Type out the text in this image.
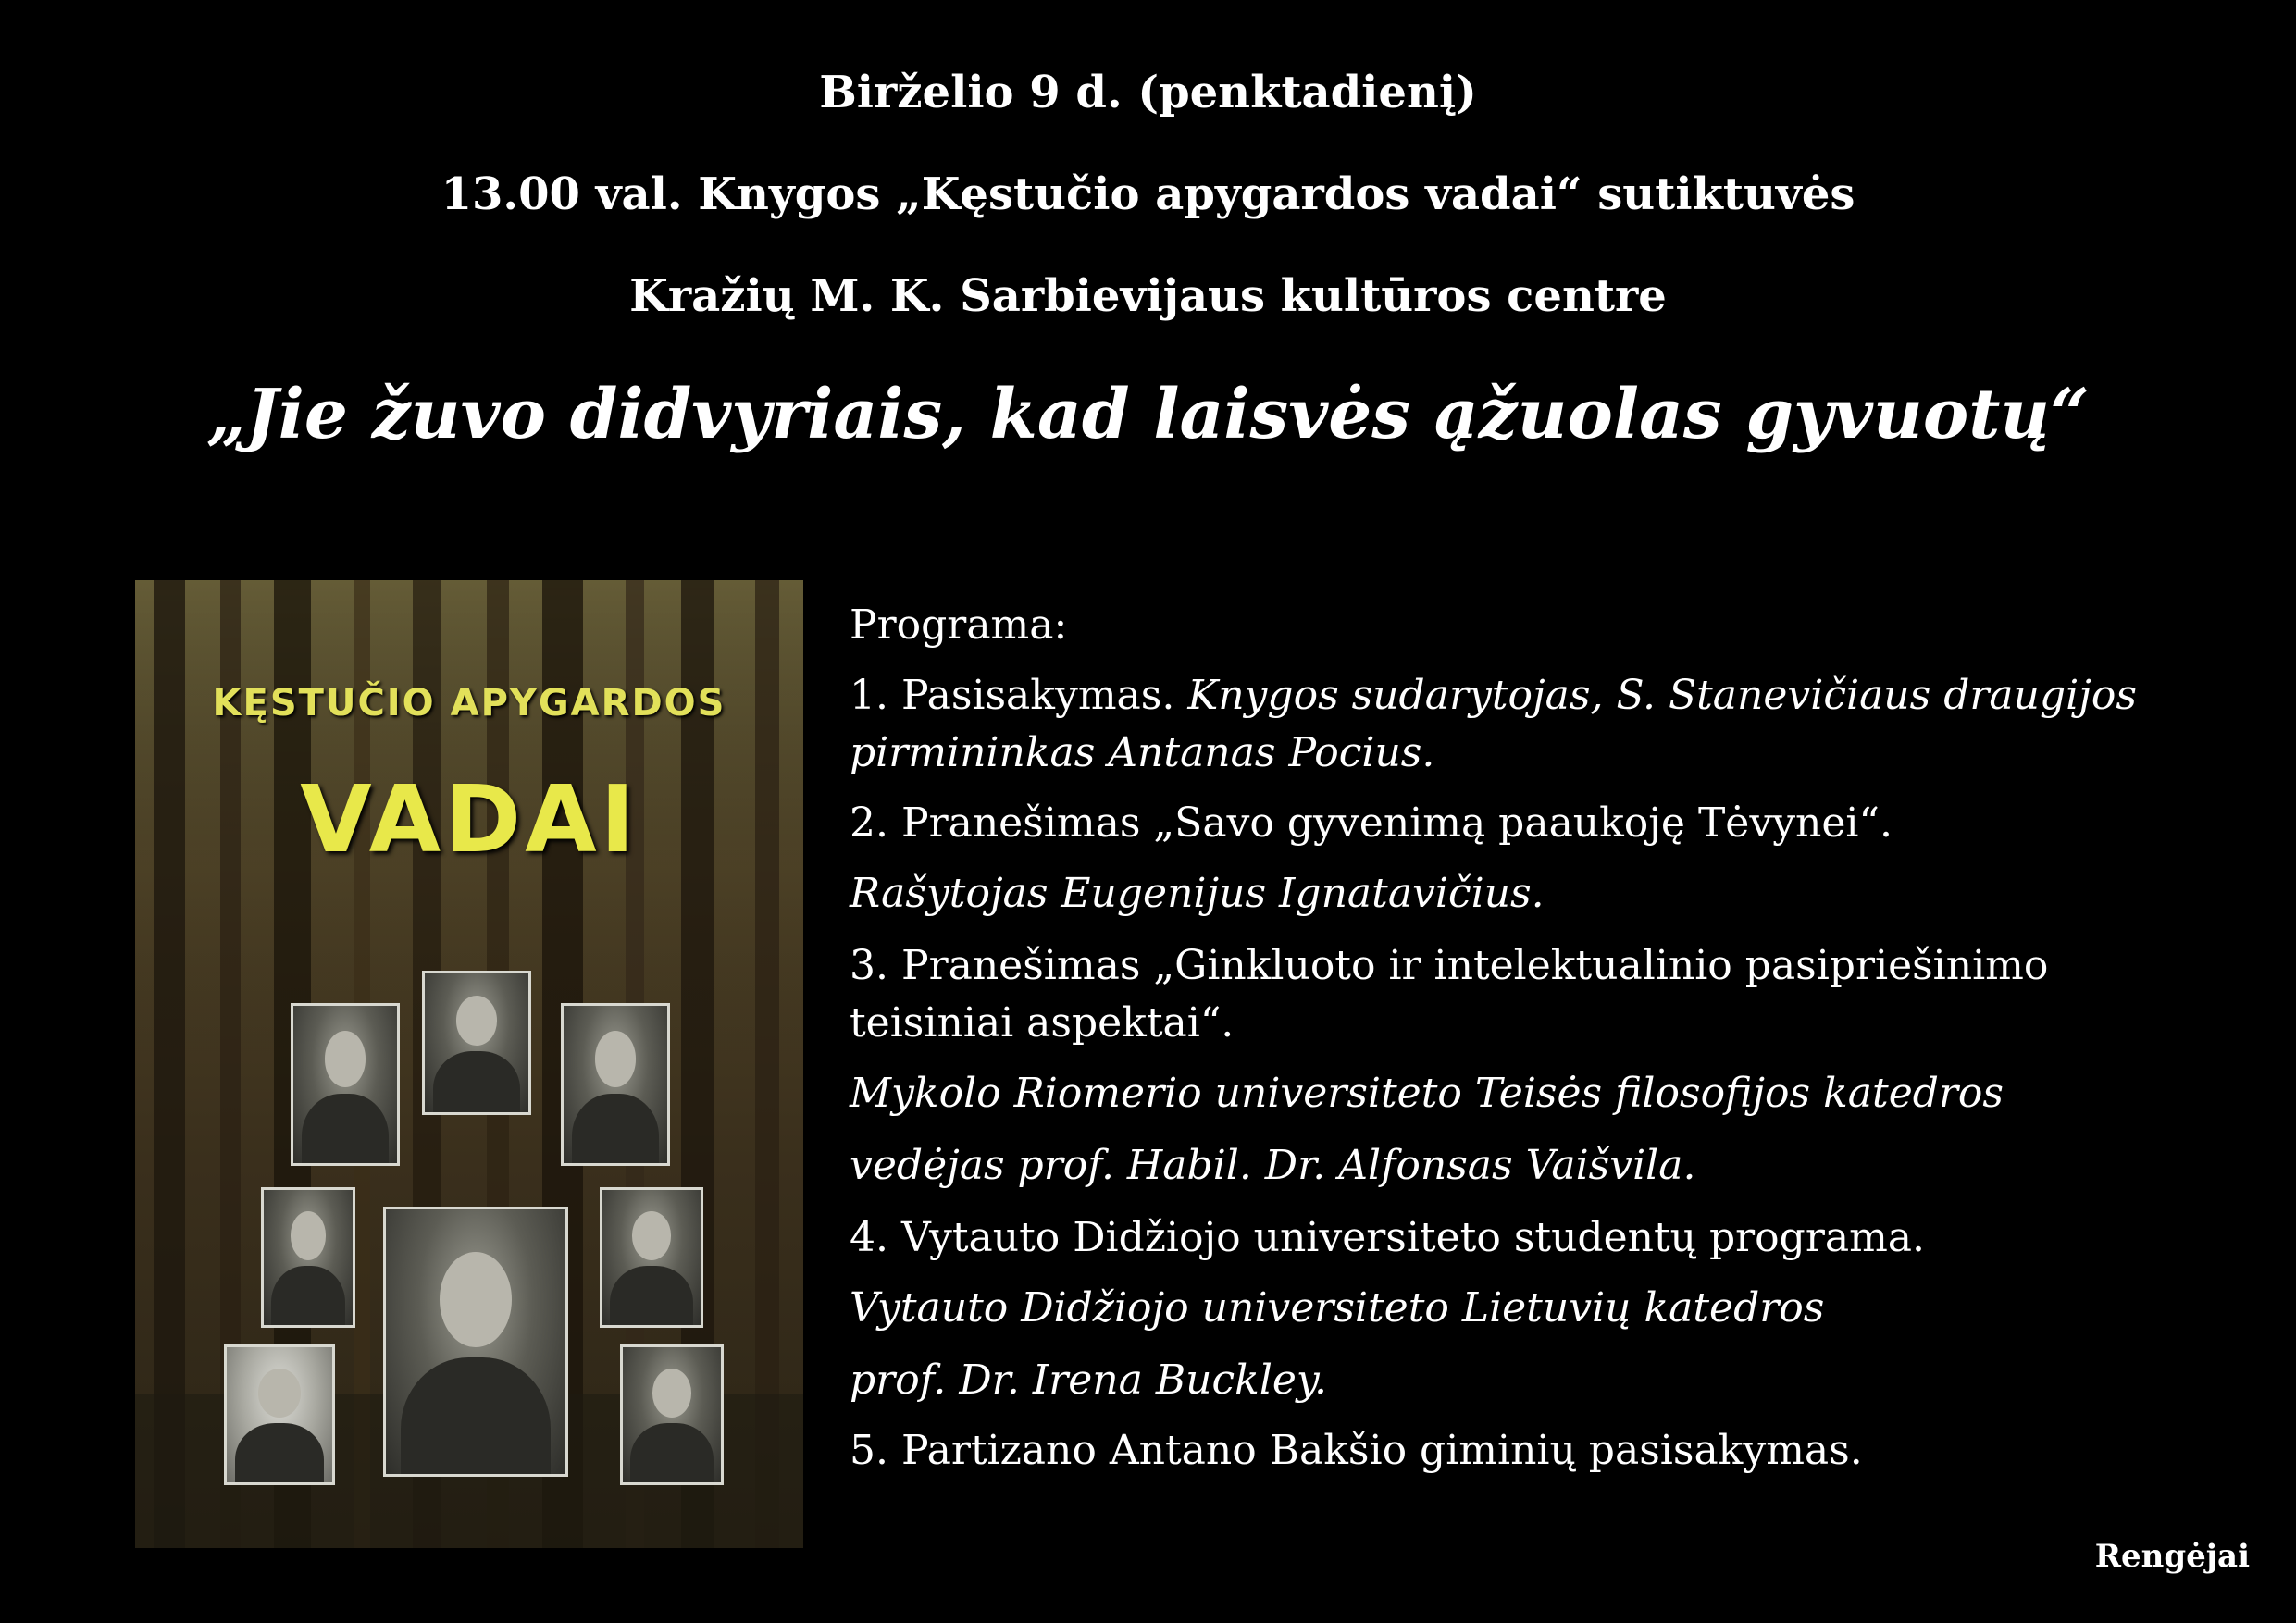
Birželio 9 d. (penktadienį)
13.00 val. Knygos „Kęstučio apygardos vadai“ sutiktuvės
Kražių M. K. Sarbievijaus kultūros centre
„Jie žuvo didvyriais, kad laisvės ąžuolas gyvuotų“
KĘSTUČIO APYGARDOS
VADAI
Programa:
1. Pasisakymas. Knygos sudarytojas, S. Stanevičiaus draugijos
pirmininkas Antanas Pocius.
2. Pranešimas „Savo gyvenimą paaukoję Tėvynei“.
Rašytojas Eugenijus Ignatavičius.
3. Pranešimas „Ginkluoto ir intelektualinio pasipriešinimo
teisiniai aspektai“.
Mykolo Riomerio universiteto Teisės filosofijos katedros
vedėjas prof. Habil. Dr. Alfonsas Vaišvila.
4. Vytauto Didžiojo universiteto studentų programa.
Vytauto Didžiojo universiteto Lietuvių katedros
prof. Dr. Irena Buckley.
5. Partizano Antano Bakšio giminių pasisakymas.
Rengėjai
